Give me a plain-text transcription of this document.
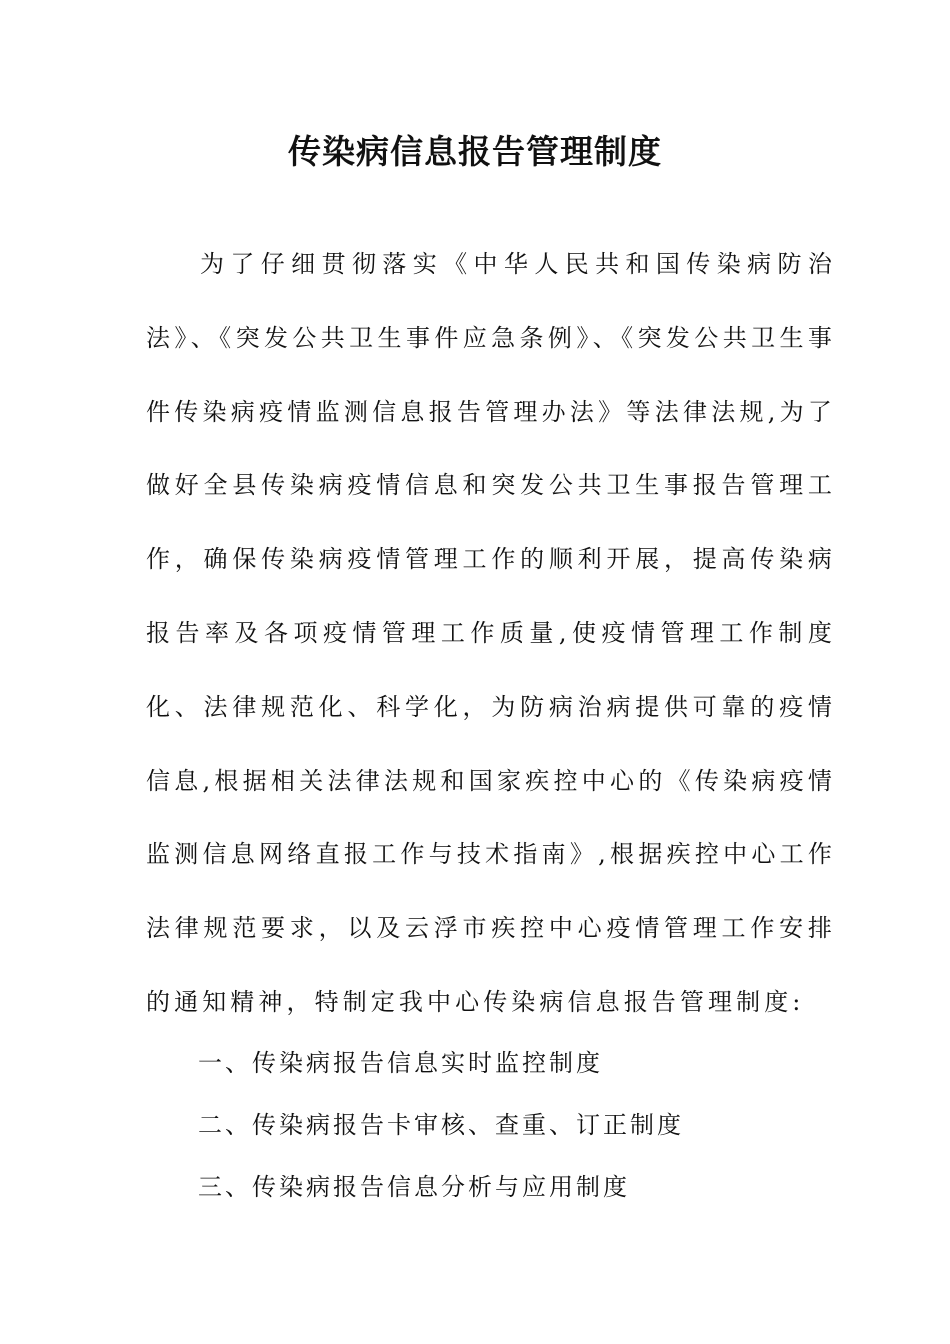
传染病信息报告管理制度

为了仔细贯彻落实《中华人民共和国传染病防治法》、《突发公共卫生事件应急条例》、《突发公共卫生事件传染病疫情监测信息报告管理办法》等法律法规,为了做好全县传染病疫情信息和突发公共卫生事报告管理工作，确保传染病疫情管理工作的顺利开展，提高传染病报告率及各项疫情管理工作质量,使疫情管理工作制度化、法律规范化、科学化，为防病治病提供可靠的疫情信息,根据相关法律法规和国家疾控中心的《传染病疫情监测信息网络直报工作与技术指南》,根据疾控中心工作法律规范要求，以及云浮市疾控中心疫情管理工作安排的通知精神，特制定我中心传染病信息报告管理制度:

一、传染病报告信息实时监控制度
二、传染病报告卡审核、查重、订正制度
三、传染病报告信息分析与应用制度
